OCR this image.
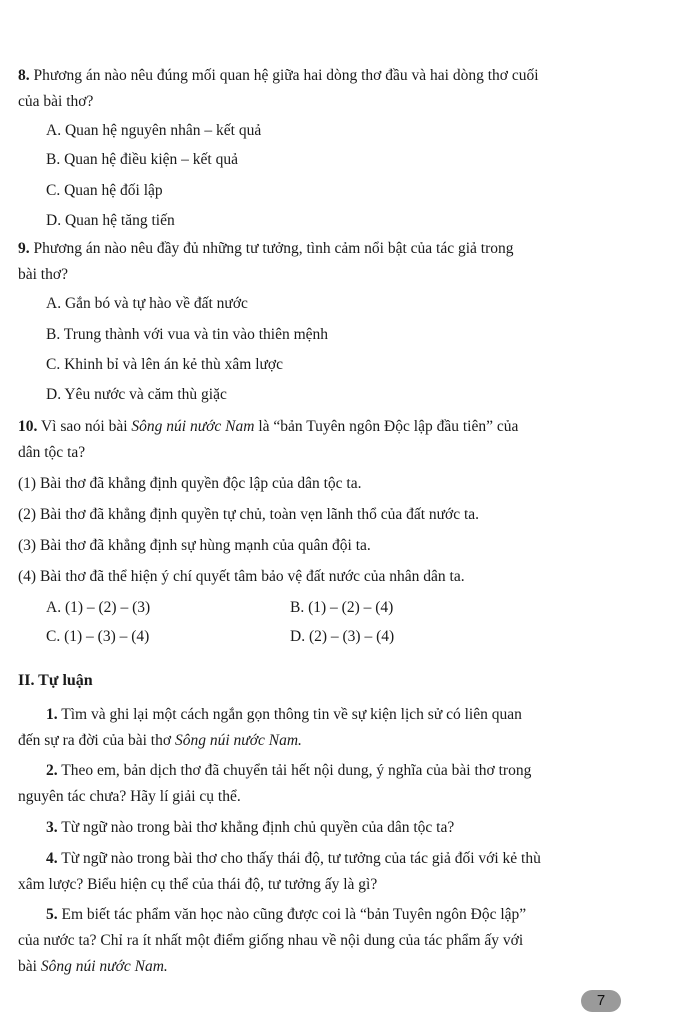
8. Phương án nào nêu đúng mối quan hệ giữa hai dòng thơ đầu và hai dòng thơ cuối
của bài thơ?
A. Quan hệ nguyên nhân – kết quả
B. Quan hệ điều kiện – kết quả
C. Quan hệ đối lập
D. Quan hệ tăng tiến
9. Phương án nào nêu đầy đủ những tư tưởng, tình cảm nổi bật của tác giả trong
bài thơ?
A. Gắn bó và tự hào về đất nước
B. Trung thành với vua và tin vào thiên mệnh
C. Khinh bỉ và lên án kẻ thù xâm lược
D. Yêu nước và căm thù giặc
10. Vì sao nói bài Sông núi nước Nam là “bản Tuyên ngôn Độc lập đầu tiên” của
dân tộc ta?
(1) Bài thơ đã khẳng định quyền độc lập của dân tộc ta.
(2) Bài thơ đã khẳng định quyền tự chủ, toàn vẹn lãnh thổ của đất nước ta.
(3) Bài thơ đã khẳng định sự hùng mạnh của quân đội ta.
(4) Bài thơ đã thể hiện ý chí quyết tâm bảo vệ đất nước của nhân dân ta.
A. (1) – (2) – (3)	B. (1) – (2) – (4)
C. (1) – (3) – (4)	D. (2) – (3) – (4)
II. Tự luận
1. Tìm và ghi lại một cách ngắn gọn thông tin về sự kiện lịch sử có liên quan
đến sự ra đời của bài thơ Sông núi nước Nam.
2. Theo em, bản dịch thơ đã chuyển tải hết nội dung, ý nghĩa của bài thơ trong
nguyên tác chưa? Hãy lí giải cụ thể.
3. Từ ngữ nào trong bài thơ khẳng định chủ quyền của dân tộc ta?
4. Từ ngữ nào trong bài thơ cho thấy thái độ, tư tưởng của tác giả đối với kẻ thù
xâm lược? Biểu hiện cụ thể của thái độ, tư tưởng ấy là gì?
5. Em biết tác phẩm văn học nào cũng được coi là “bản Tuyên ngôn Độc lập”
của nước ta? Chỉ ra ít nhất một điểm giống nhau về nội dung của tác phẩm ấy với
bài Sông núi nước Nam.
7
